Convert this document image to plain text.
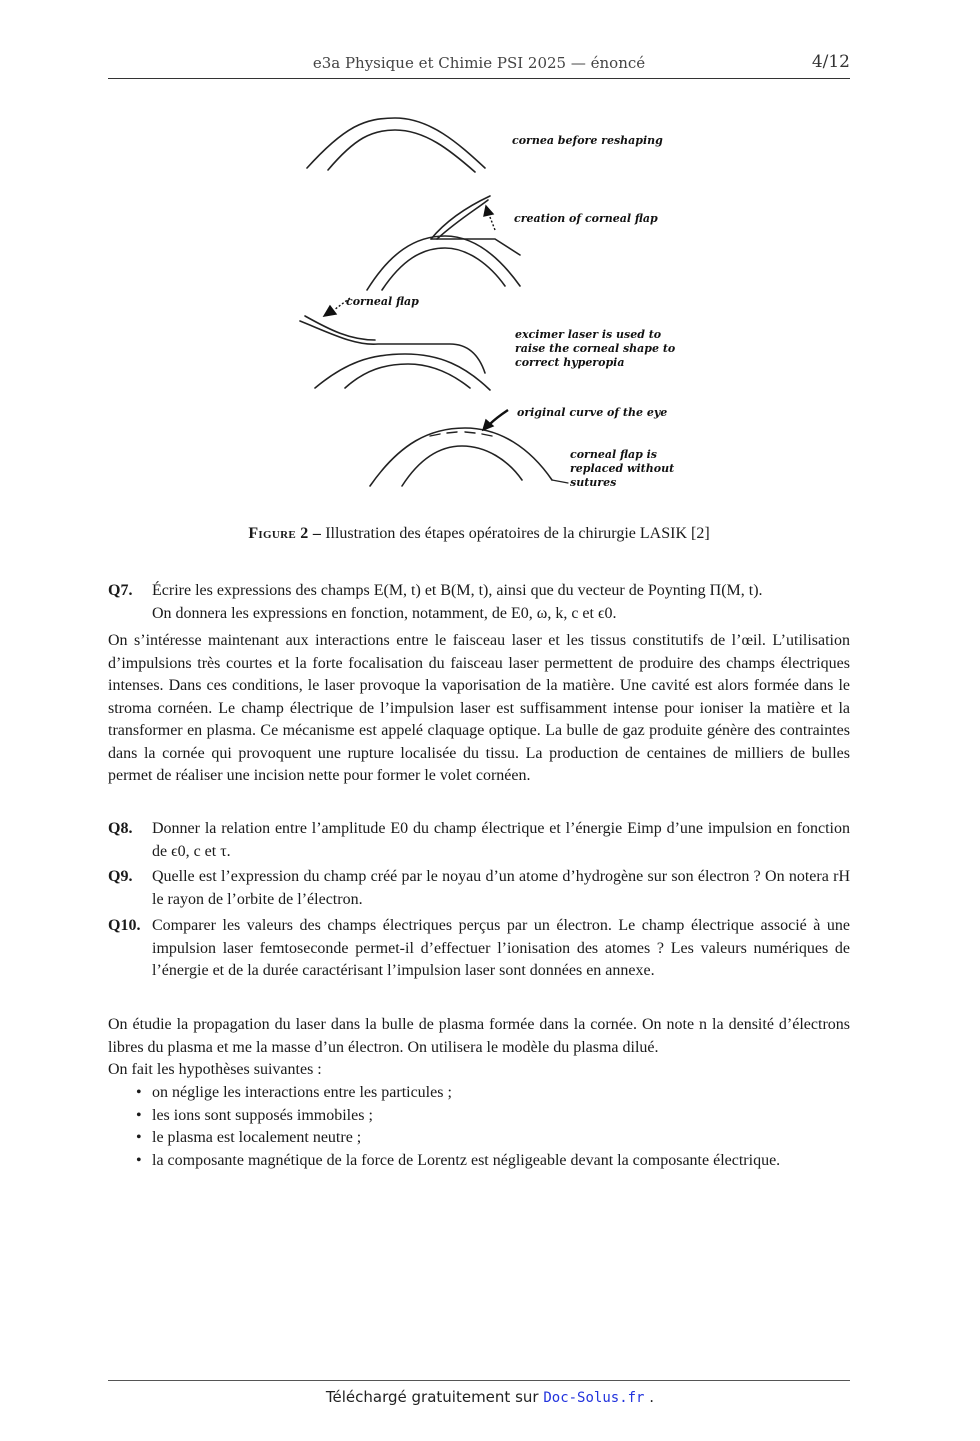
e3a Physique et Chimie PSI 2025 — énoncé	4/12
cornea before reshaping
creation of corneal flap
corneal flap
excimer laser is used to
raise the corneal shape to
correct hyperopia
original curve of the eye
corneal flap is
replaced without
sutures
Figure 2 – Illustration des étapes opératoires de la chirurgie LASIK [2]
Q7. Écrire les expressions des champs E(M, t) et B(M, t), ainsi que du vecteur de Poynting Π(M, t).
On donnera les expressions en fonction, notamment, de E0, ω, k, c et ϵ0.
On s’intéresse maintenant aux interactions entre le faisceau laser et les tissus constitutifs de l’œil. L’utilisation d’impulsions très courtes et la forte focalisation du faisceau laser permettent de produire des champs électriques intenses. Dans ces conditions, le laser provoque la vaporisation de la matière. Une cavité est alors formée dans le stroma cornéen. Le champ électrique de l’impulsion laser est suffisamment intense pour ioniser la matière et la transformer en plasma. Ce mécanisme est appelé claquage optique. La bulle de gaz produite génère des contraintes dans la cornée qui provoquent une rupture localisée du tissu. La production de centaines de milliers de bulles permet de réaliser une incision nette pour former le volet cornéen.
Q8. Donner la relation entre l’amplitude E0 du champ électrique et l’énergie Eimp d’une impulsion en fonction de ϵ0, c et τ.
Q9. Quelle est l’expression du champ créé par le noyau d’un atome d’hydrogène sur son électron ? On notera rH le rayon de l’orbite de l’électron.
Q10. Comparer les valeurs des champs électriques perçus par un électron. Le champ électrique associé à une impulsion laser femtoseconde permet-il d’effectuer l’ionisation des atomes ? Les valeurs numériques de l’énergie et de la durée caractérisant l’impulsion laser sont données en annexe.
On étudie la propagation du laser dans la bulle de plasma formée dans la cornée. On note n la densité d’électrons libres du plasma et me la masse d’un électron. On utilisera le modèle du plasma dilué.
On fait les hypothèses suivantes :
• on néglige les interactions entre les particules ;
• les ions sont supposés immobiles ;
• le plasma est localement neutre ;
• la composante magnétique de la force de Lorentz est négligeable devant la composante électrique.
Téléchargé gratuitement sur Doc-Solus.fr .
